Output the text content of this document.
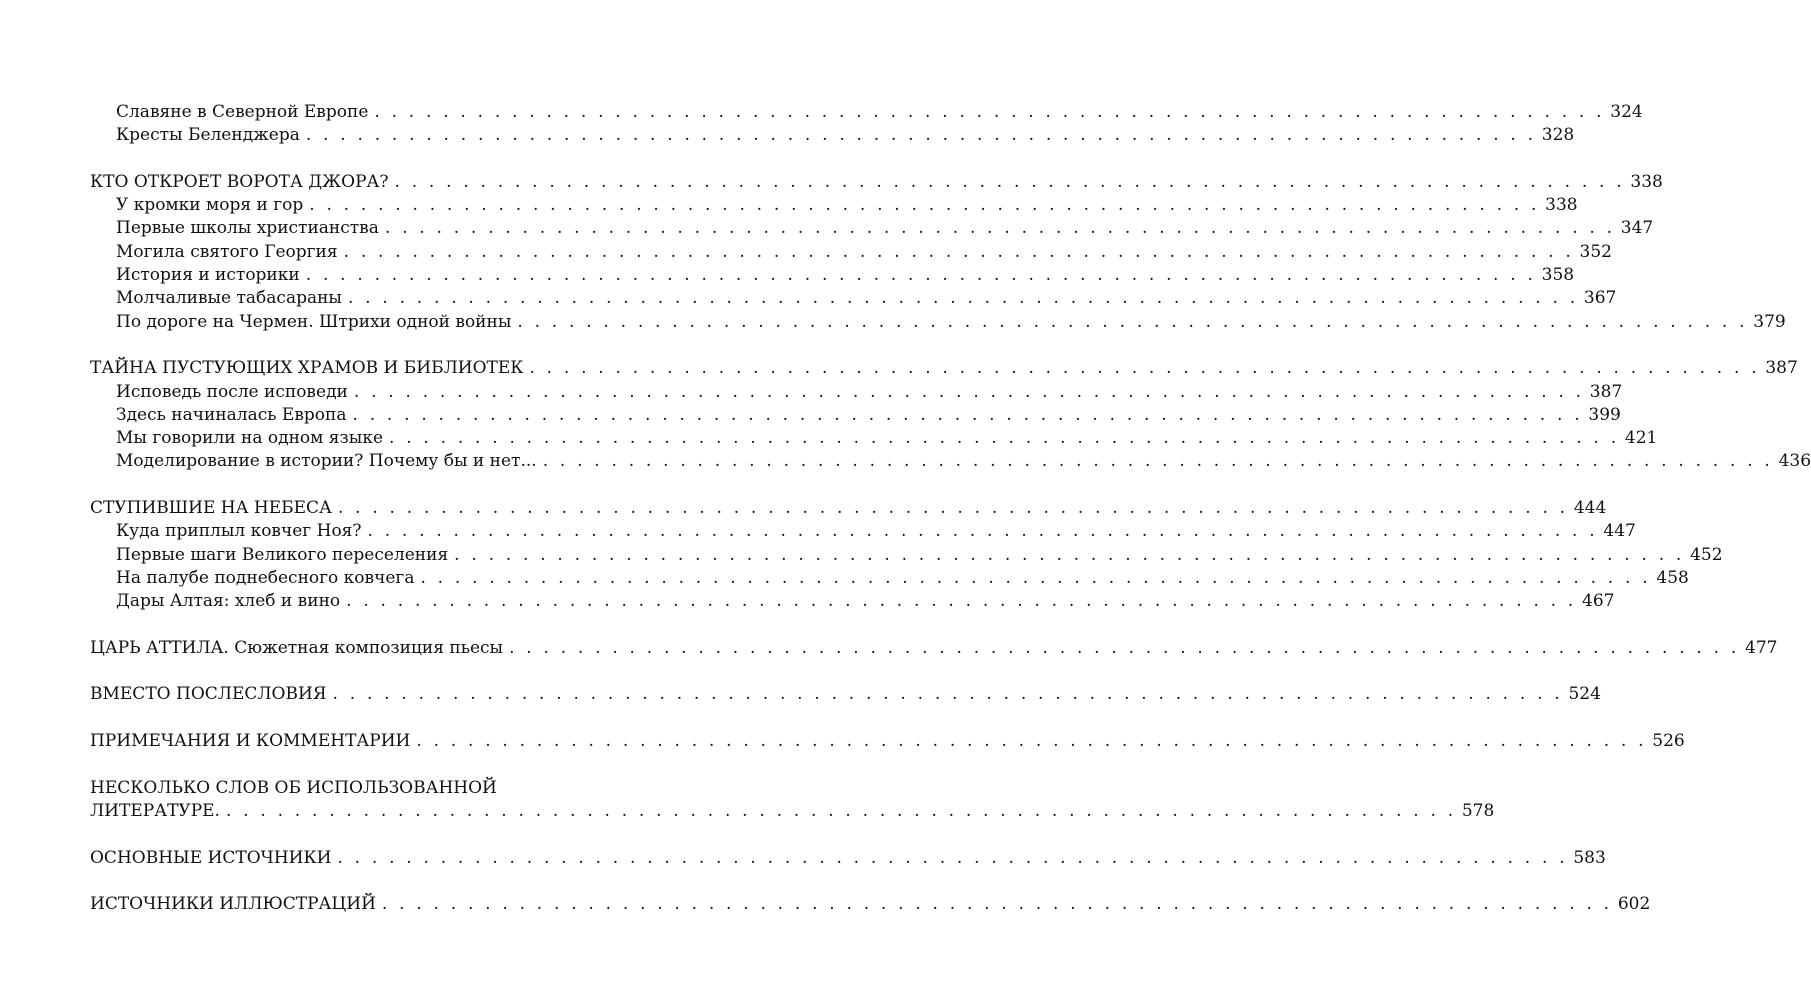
Славяне в Северной Европе . . .	324
Кресты Беленджера . . .	328
КТО ОТКРОЕТ ВОРОТА ДЖОРА? . . .	338
У кромки моря и гор . . .	338
Первые школы христианства . . .	347
Могила святого Георгия . . .	352
История и историки . . .	358
Молчаливые табасараны . . .	367
По дороге на Чермен. Штрихи одной войны . . .	379
ТАЙНА ПУСТУЮЩИХ ХРАМОВ И БИБЛИОТЕК . . .	387
Исповедь после исповеди . . .	387
Здесь начиналась Европа . . .	399
Мы говорили на одном языке . . .	421
Моделирование в истории? Почему бы и нет... . . .	436
СТУПИВШИЕ НА НЕБЕСА . . .	444
Куда приплыл ковчег Ноя? . . .	447
Первые шаги Великого переселения . . .	452
На палубе поднебесного ковчега . . .	458
Дары Алтая: хлеб и вино . . .	467
ЦАРЬ АТТИЛА. Сюжетная композиция пьесы . . .	477
ВМЕСТО ПОСЛЕСЛОВИЯ . . .	524
ПРИМЕЧАНИЯ И КОММЕНТАРИИ . . .	526
НЕСКОЛЬКО СЛОВ ОБ ИСПОЛЬЗОВАННОЙ
ЛИТЕРАТУРЕ. . . .	578
ОСНОВНЫЕ ИСТОЧНИКИ . . .	583
ИСТОЧНИКИ ИЛЛЮСТРАЦИЙ . . .	602
